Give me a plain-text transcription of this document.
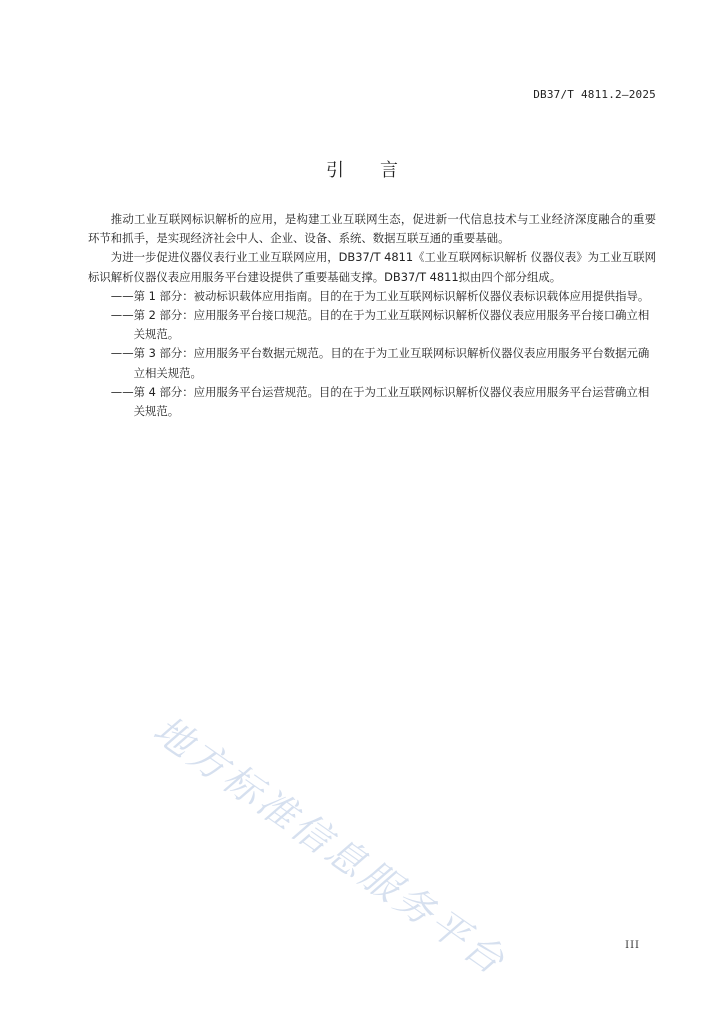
DB37/T 4811.2—2025
引 言

推动工业互联网标识解析的应用，是构建工业互联网生态，促进新一代信息技术与工业经济深度融合的重要环节和抓手，是实现经济社会中人、企业、设备、系统、数据互联互通的重要基础。

为进一步促进仪器仪表行业工业互联网应用，DB37/T 4811《工业互联网标识解析 仪器仪表》为工业互联网标识解析仪器仪表应用服务平台建设提供了重要基础支撑。DB37/T 4811拟由四个部分组成。

—— 第 1 部分：被动标识载体应用指南。目的在于为工业互联网标识解析仪器仪表标识载体应用提供指导。
—— 第 2 部分：应用服务平台接口规范。目的在于为工业互联网标识解析仪器仪表应用服务平台接口确立相关规范。
—— 第 3 部分：应用服务平台数据元规范。目的在于为工业互联网标识解析仪器仪表应用服务平台数据元确立相关规范。
—— 第 4 部分：应用服务平台运营规范。目的在于为工业互联网标识解析仪器仪表应用服务平台运营确立相关规范。
地方标准信息服务平台	III
